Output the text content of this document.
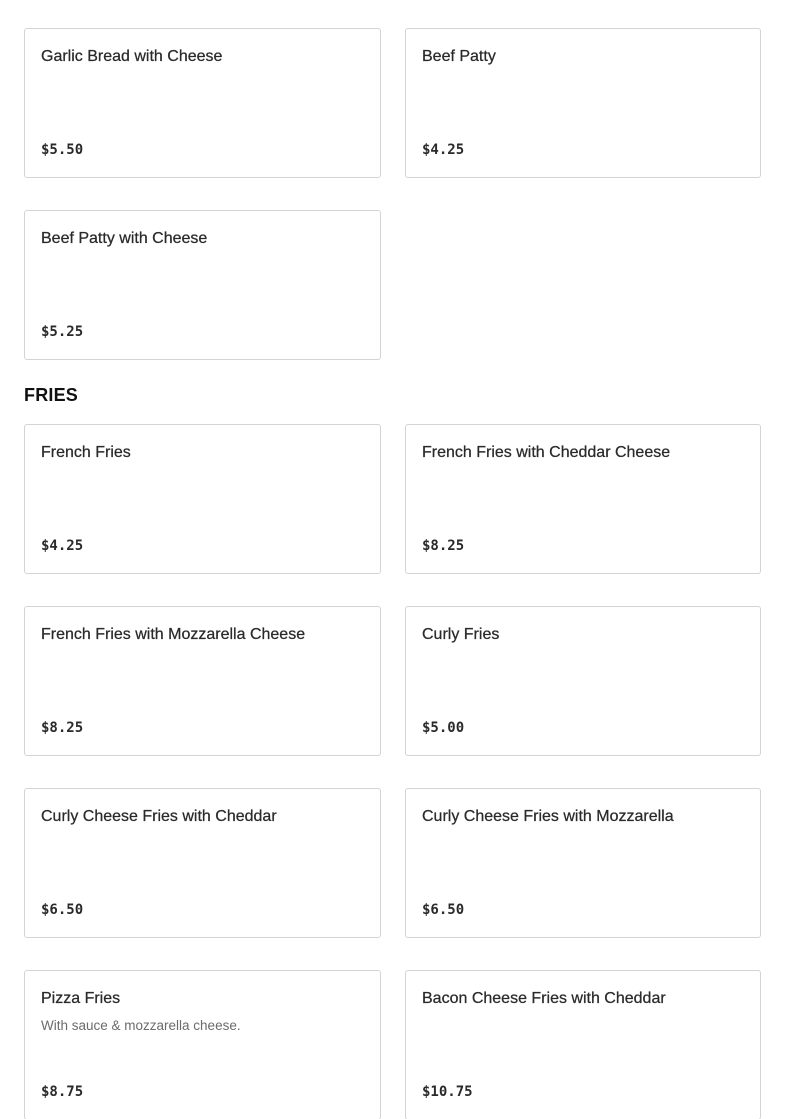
Garlic Bread with Cheese
$5.50
Beef Patty
$4.25
Beef Patty with Cheese
$5.25
FRIES
French Fries
$4.25
French Fries with Cheddar Cheese
$8.25
French Fries with Mozzarella Cheese
$8.25
Curly Fries
$5.00
Curly Cheese Fries with Cheddar
$6.50
Curly Cheese Fries with Mozzarella
$6.50
Pizza Fries
With sauce & mozzarella cheese.
$8.75
Bacon Cheese Fries with Cheddar
$10.75
